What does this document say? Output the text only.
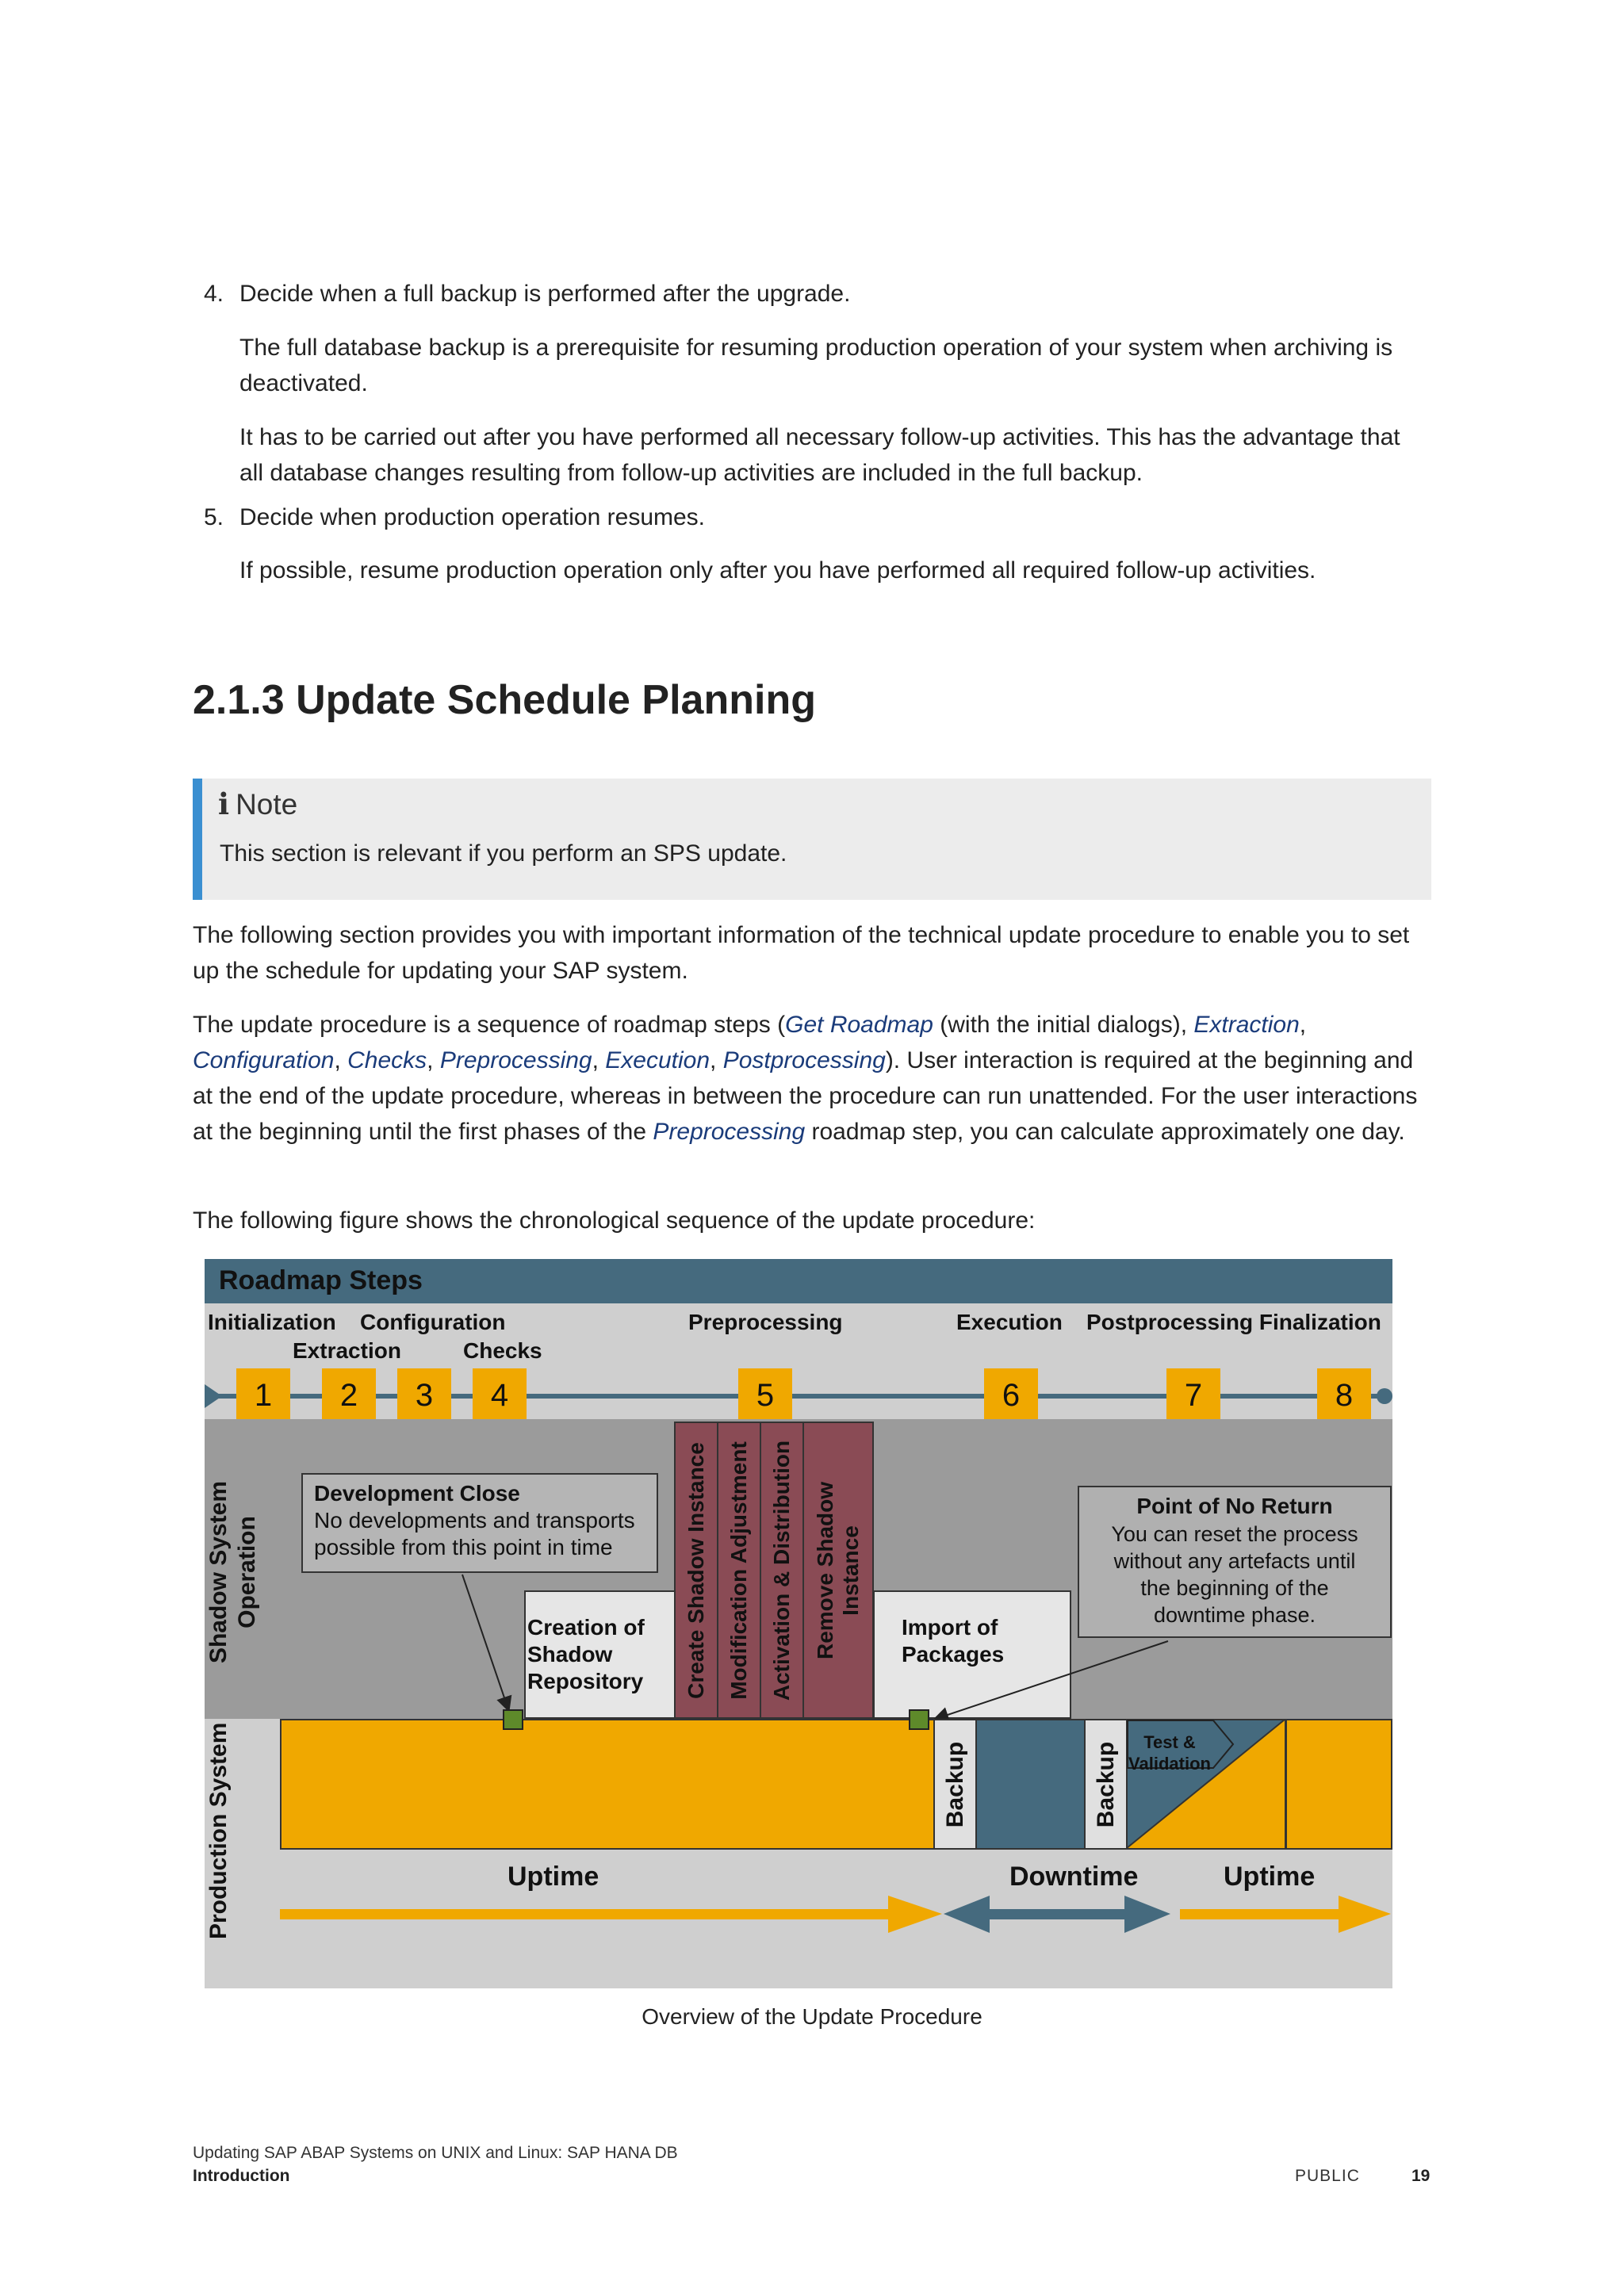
4. Decide when a full backup is performed after the upgrade.
The full database backup is a prerequisite for resuming production operation of your system when archiving is deactivated.
It has to be carried out after you have performed all necessary follow-up activities. This has the advantage that all database changes resulting from follow-up activities are included in the full backup.
5. Decide when production operation resumes.
If possible, resume production operation only after you have performed all required follow-up activities.
2.1.3 Update Schedule Planning
i Note
This section is relevant if you perform an SPS update.
The following section provides you with important information of the technical update procedure to enable you to set up the schedule for updating your SAP system.
The update procedure is a sequence of roadmap steps (Get Roadmap (with the initial dialogs), Extraction, Configuration, Checks, Preprocessing, Execution, Postprocessing). User interaction is required at the beginning and at the end of the update procedure, whereas in between the procedure can run unattended. For the user interactions at the beginning until the first phases of the Preprocessing roadmap step, you can calculate approximately one day.
The following figure shows the chronological sequence of the update procedure:
Roadmap Steps
Initialization Configuration
Extraction	Checks
Preprocessing	Execution Postprocessing Finalization
1	2	3	4	5	6	7	8
Shadow System Operation
Development Close
No developments and transports
possible from this point in time
Creation of
Shadow
Repository Create Shadow Instance Modification Adjustment Activation & Distribution Remove Shadow
Instance
Import of
Packages
Point of No Return
You can reset the process
without any artefacts until
the beginning of the
downtime phase.
Production System	Backup	Backup	Test &
Validation
Uptime	Downtime	Uptime
Overview of the Update Procedure
Updating SAP ABAP Systems on UNIX and Linux: SAP HANA DB
Introduction	PUBLIC	19
